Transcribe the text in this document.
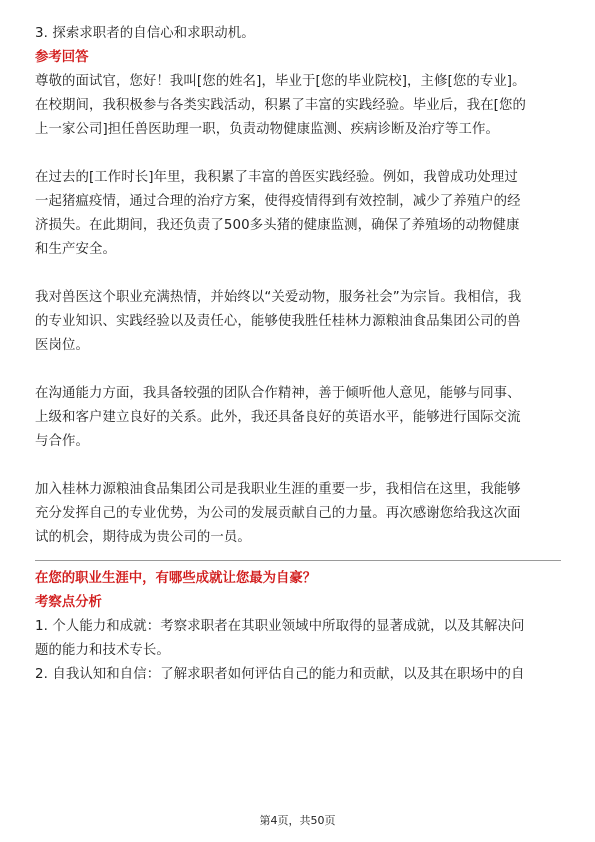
3. 探索求职者的自信心和求职动机。
参考回答
尊敬的面试官，您好！我叫[您的姓名]，毕业于[您的毕业院校]，主修[您的专业]。
在校期间，我积极参与各类实践活动，积累了丰富的实践经验。毕业后，我在[您的
上一家公司]担任兽医助理一职，负责动物健康监测、疾病诊断及治疗等工作。
在过去的[工作时长]年里，我积累了丰富的兽医实践经验。例如，我曾成功处理过
一起猪瘟疫情，通过合理的治疗方案，使得疫情得到有效控制，减少了养殖户的经
济损失。在此期间，我还负责了500多头猪的健康监测，确保了养殖场的动物健康
和生产安全。
我对兽医这个职业充满热情，并始终以“关爱动物，服务社会”为宗旨。我相信，我
的专业知识、实践经验以及责任心，能够使我胜任桂林力源粮油食品集团公司的兽
医岗位。
在沟通能力方面，我具备较强的团队合作精神，善于倾听他人意见，能够与同事、
上级和客户建立良好的关系。此外，我还具备良好的英语水平，能够进行国际交流
与合作。
加入桂林力源粮油食品集团公司是我职业生涯的重要一步，我相信在这里，我能够
充分发挥自己的专业优势，为公司的发展贡献自己的力量。再次感谢您给我这次面
试的机会，期待成为贵公司的一员。
在您的职业生涯中，有哪些成就让您最为自豪？
考察点分析
1. 个人能力和成就：考察求职者在其职业领域中所取得的显著成就，以及其解决问
题的能力和技术专长。
2. 自我认知和自信：了解求职者如何评估自己的能力和贡献，以及其在职场中的自
第4页，共50页
